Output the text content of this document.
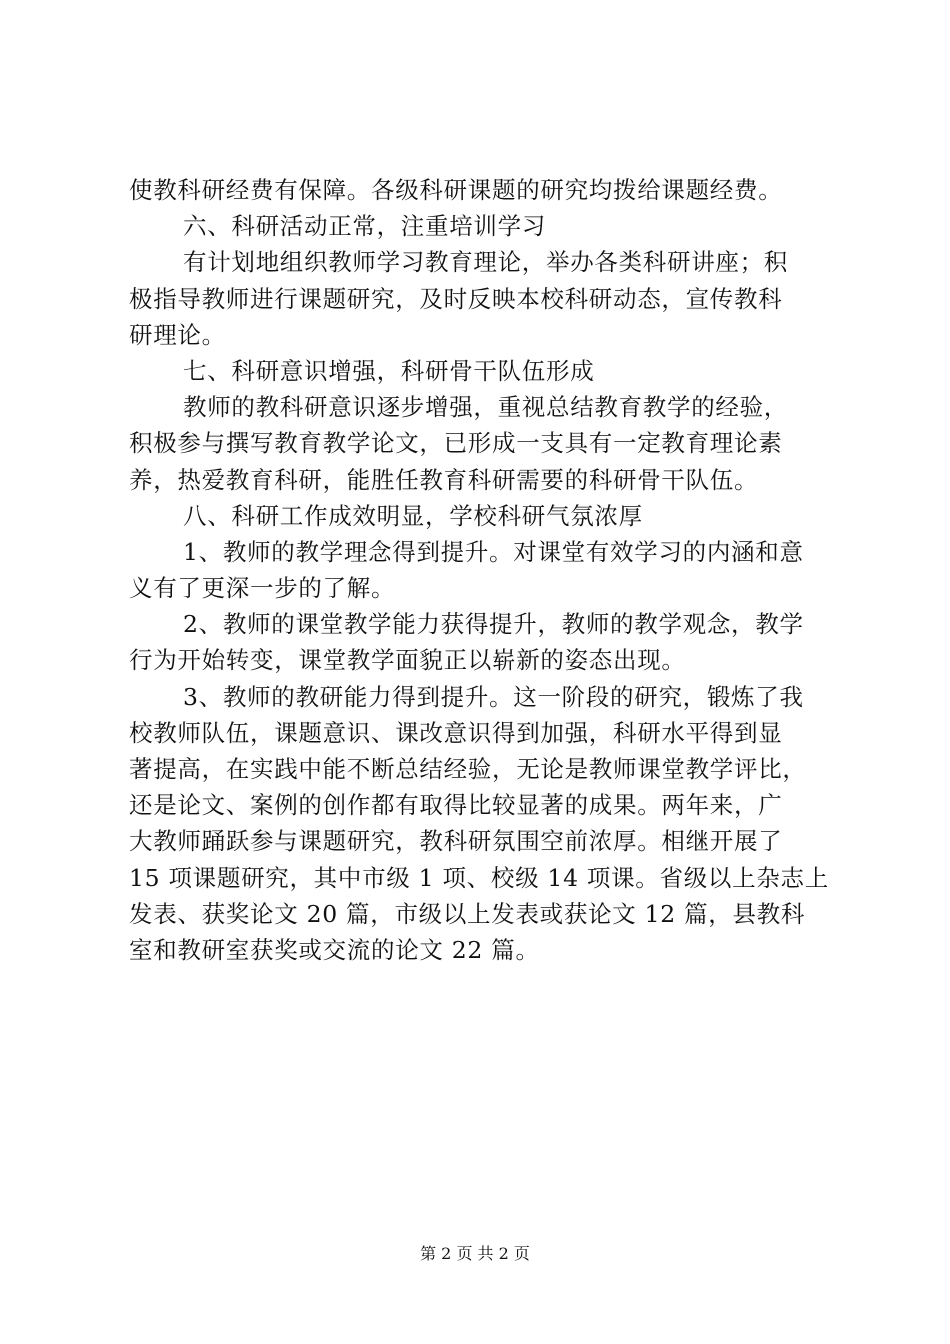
使教科研经费有保障。各级科研课题的研究均拨给课题经费。
六、科研活动正常，注重培训学习
有计划地组织教师学习教育理论，举办各类科研讲座；积
极指导教师进行课题研究，及时反映本校科研动态，宣传教科
研理论。
七、科研意识增强，科研骨干队伍形成
教师的教科研意识逐步增强，重视总结教育教学的经验，
积极参与撰写教育教学论文，已形成一支具有一定教育理论素
养，热爱教育科研，能胜任教育科研需要的科研骨干队伍。
八、科研工作成效明显，学校科研气氛浓厚
1、教师的教学理念得到提升。对课堂有效学习的内涵和意
义有了更深一步的了解。
2、教师的课堂教学能力获得提升，教师的教学观念，教学
行为开始转变，课堂教学面貌正以崭新的姿态出现。
3、教师的教研能力得到提升。这一阶段的研究，锻炼了我
校教师队伍，课题意识、课改意识得到加强，科研水平得到显
著提高，在实践中能不断总结经验，无论是教师课堂教学评比，
还是论文、案例的创作都有取得比较显著的成果。两年来，广
大教师踊跃参与课题研究，教科研氛围空前浓厚。相继开展了
15 项课题研究，其中市级 1 项、校级 14 项课。省级以上杂志上
发表、获奖论文 20 篇，市级以上发表或获论文 12 篇，县教科
室和教研室获奖或交流的论文 22 篇。
第 2 页 共 2 页
